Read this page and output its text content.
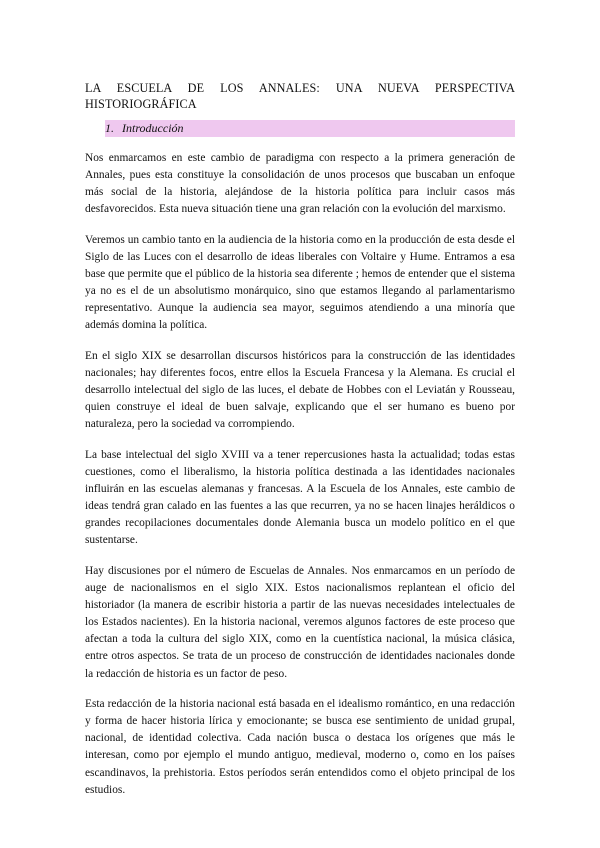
LA ESCUELA DE LOS ANNALES: UNA NUEVA PERSPECTIVA HISTORIOGRÁFICA
1. Introducción

Nos enmarcamos en este cambio de paradigma con respecto a la primera generación de Annales, pues esta constituye la consolidación de unos procesos que buscaban un enfoque más social de la historia, alejándose de la historia política para incluir casos más desfavorecidos. Esta nueva situación tiene una gran relación con la evolución del marxismo.

Veremos un cambio tanto en la audiencia de la historia como en la producción de esta desde el Siglo de las Luces con el desarrollo de ideas liberales con Voltaire y Hume. Entramos a esa base que permite que el público de la historia sea diferente ; hemos de entender que el sistema ya no es el de un absolutismo monárquico, sino que estamos llegando al parlamentarismo representativo. Aunque la audiencia sea mayor, seguimos atendiendo a una minoría que además domina la política.

En el siglo XIX se desarrollan discursos históricos para la construcción de las identidades nacionales; hay diferentes focos, entre ellos la Escuela Francesa y la Alemana. Es crucial el desarrollo intelectual del siglo de las luces, el debate de Hobbes con el Leviatán y Rousseau, quien construye el ideal de buen salvaje, explicando que el ser humano es bueno por naturaleza, pero la sociedad va corrompiendo.

La base intelectual del siglo XVIII va a tener repercusiones hasta la actualidad; todas estas cuestiones, como el liberalismo, la historia política destinada a las identidades nacionales influirán en las escuelas alemanas y francesas. A la Escuela de los Annales, este cambio de ideas tendrá gran calado en las fuentes a las que recurren, ya no se hacen linajes heráldicos o grandes recopilaciones documentales donde Alemania busca un modelo político en el que sustentarse.

Hay discusiones por el número de Escuelas de Annales. Nos enmarcamos en un período de auge de nacionalismos en el siglo XIX. Estos nacionalismos replantean el oficio del historiador (la manera de escribir historia a partir de las nuevas necesidades intelectuales de los Estados nacientes). En la historia nacional, veremos algunos factores de este proceso que afectan a toda la cultura del siglo XIX, como en la cuentística nacional, la música clásica, entre otros aspectos. Se trata de un proceso de construcción de identidades nacionales donde la redacción de historia es un factor de peso.

Esta redacción de la historia nacional está basada en el idealismo romántico, en una redacción y forma de hacer historia lírica y emocionante; se busca ese sentimiento de unidad grupal, nacional, de identidad colectiva. Cada nación busca o destaca los orígenes que más le interesan, como por ejemplo el mundo antiguo, medieval, moderno o, como en los países escandinavos, la prehistoria. Estos períodos serán entendidos como el objeto principal de los estudios.
